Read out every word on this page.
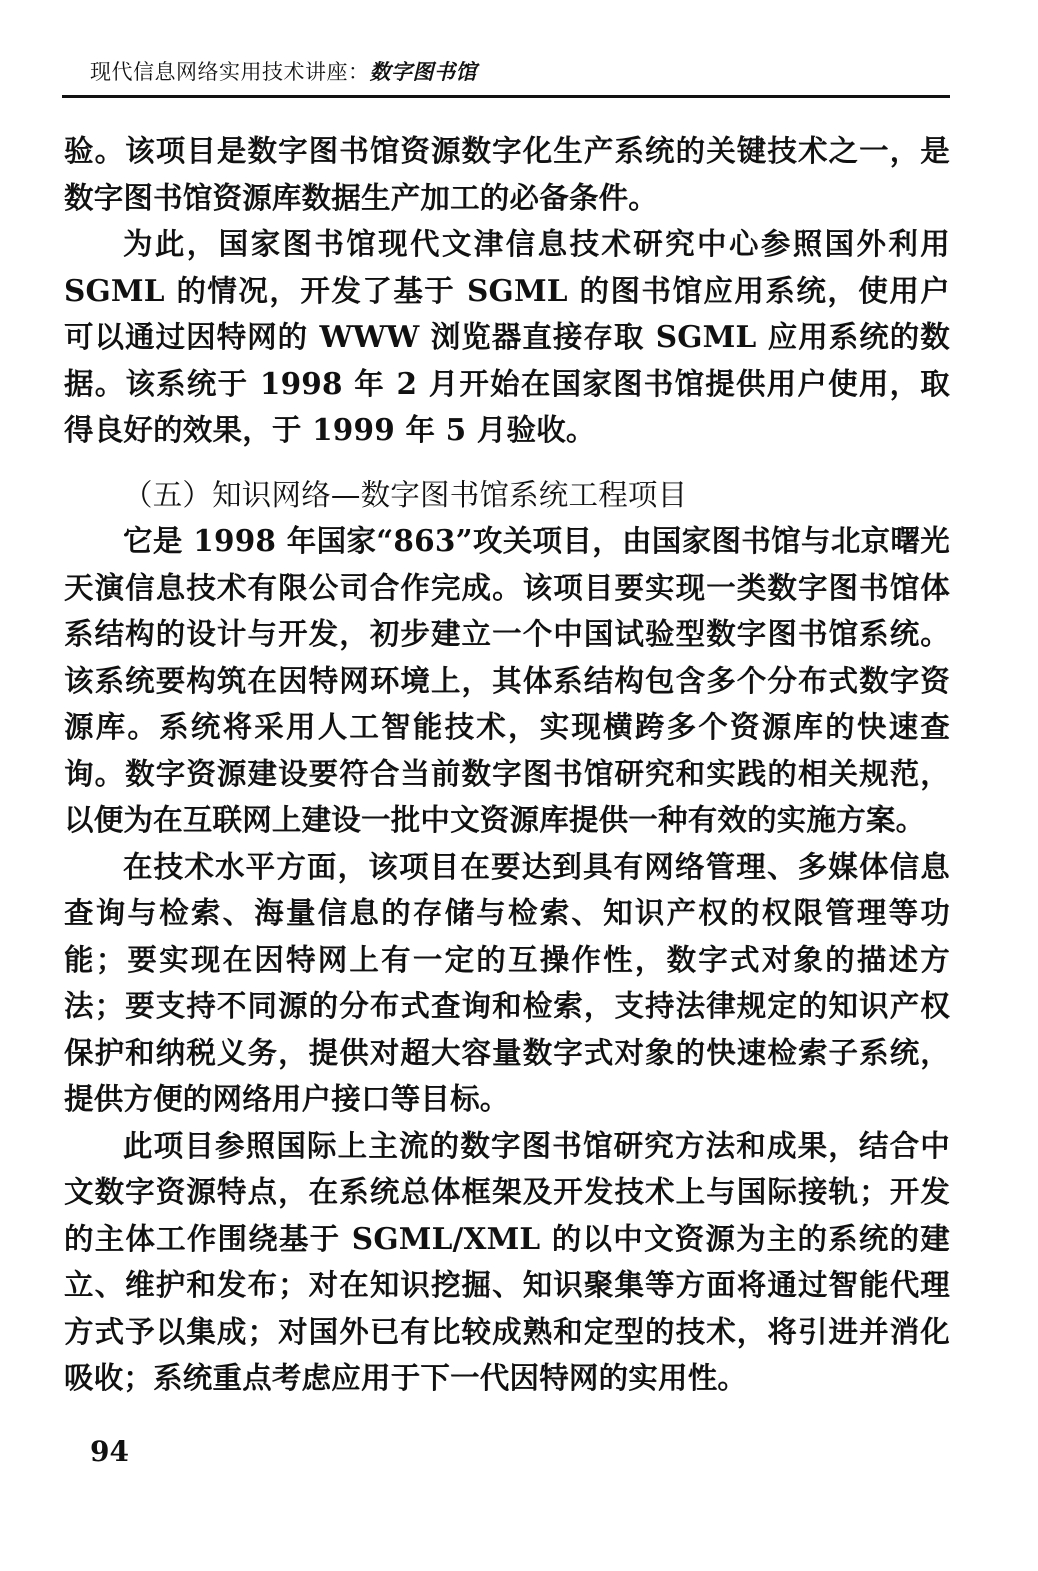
现代信息网络实用技术讲座：数字图书馆

验。该项目是数字图书馆资源数字化生产系统的关键技术之一，是数字图书馆资源库数据生产加工的必备条件。

为此，国家图书馆现代文津信息技术研究中心参照国外利用 SGML 的情况，开发了基于 SGML 的图书馆应用系统，使用户可以通过因特网的 WWW 浏览器直接存取 SGML 应用系统的数据。该系统于 1998 年 2 月开始在国家图书馆提供用户使用，取得良好的效果，于 1999 年 5 月验收。

（五）知识网络—数字图书馆系统工程项目

它是 1998 年国家“863”攻关项目，由国家图书馆与北京曙光天演信息技术有限公司合作完成。该项目要实现一类数字图书馆体系结构的设计与开发，初步建立一个中国试验型数字图书馆系统。该系统要构筑在因特网环境上，其体系结构包含多个分布式数字资源库。系统将采用人工智能技术，实现横跨多个资源库的快速查询。数字资源建设要符合当前数字图书馆研究和实践的相关规范，以便为在互联网上建设一批中文资源库提供一种有效的实施方案。

在技术水平方面，该项目在要达到具有网络管理、多媒体信息查询与检索、海量信息的存储与检索、知识产权的权限管理等功能；要实现在因特网上有一定的互操作性，数字式对象的描述方法；要支持不同源的分布式查询和检索，支持法律规定的知识产权保护和纳税义务，提供对超大容量数字式对象的快速检索子系统，提供方便的网络用户接口等目标。

此项目参照国际上主流的数字图书馆研究方法和成果，结合中文数字资源特点，在系统总体框架及开发技术上与国际接轨；开发的主体工作围绕基于 SGML/XML 的以中文资源为主的系统的建立、维护和发布；对在知识挖掘、知识聚集等方面将通过智能代理方式予以集成；对国外已有比较成熟和定型的技术，将引进并消化吸收；系统重点考虑应用于下一代因特网的实用性。

94
